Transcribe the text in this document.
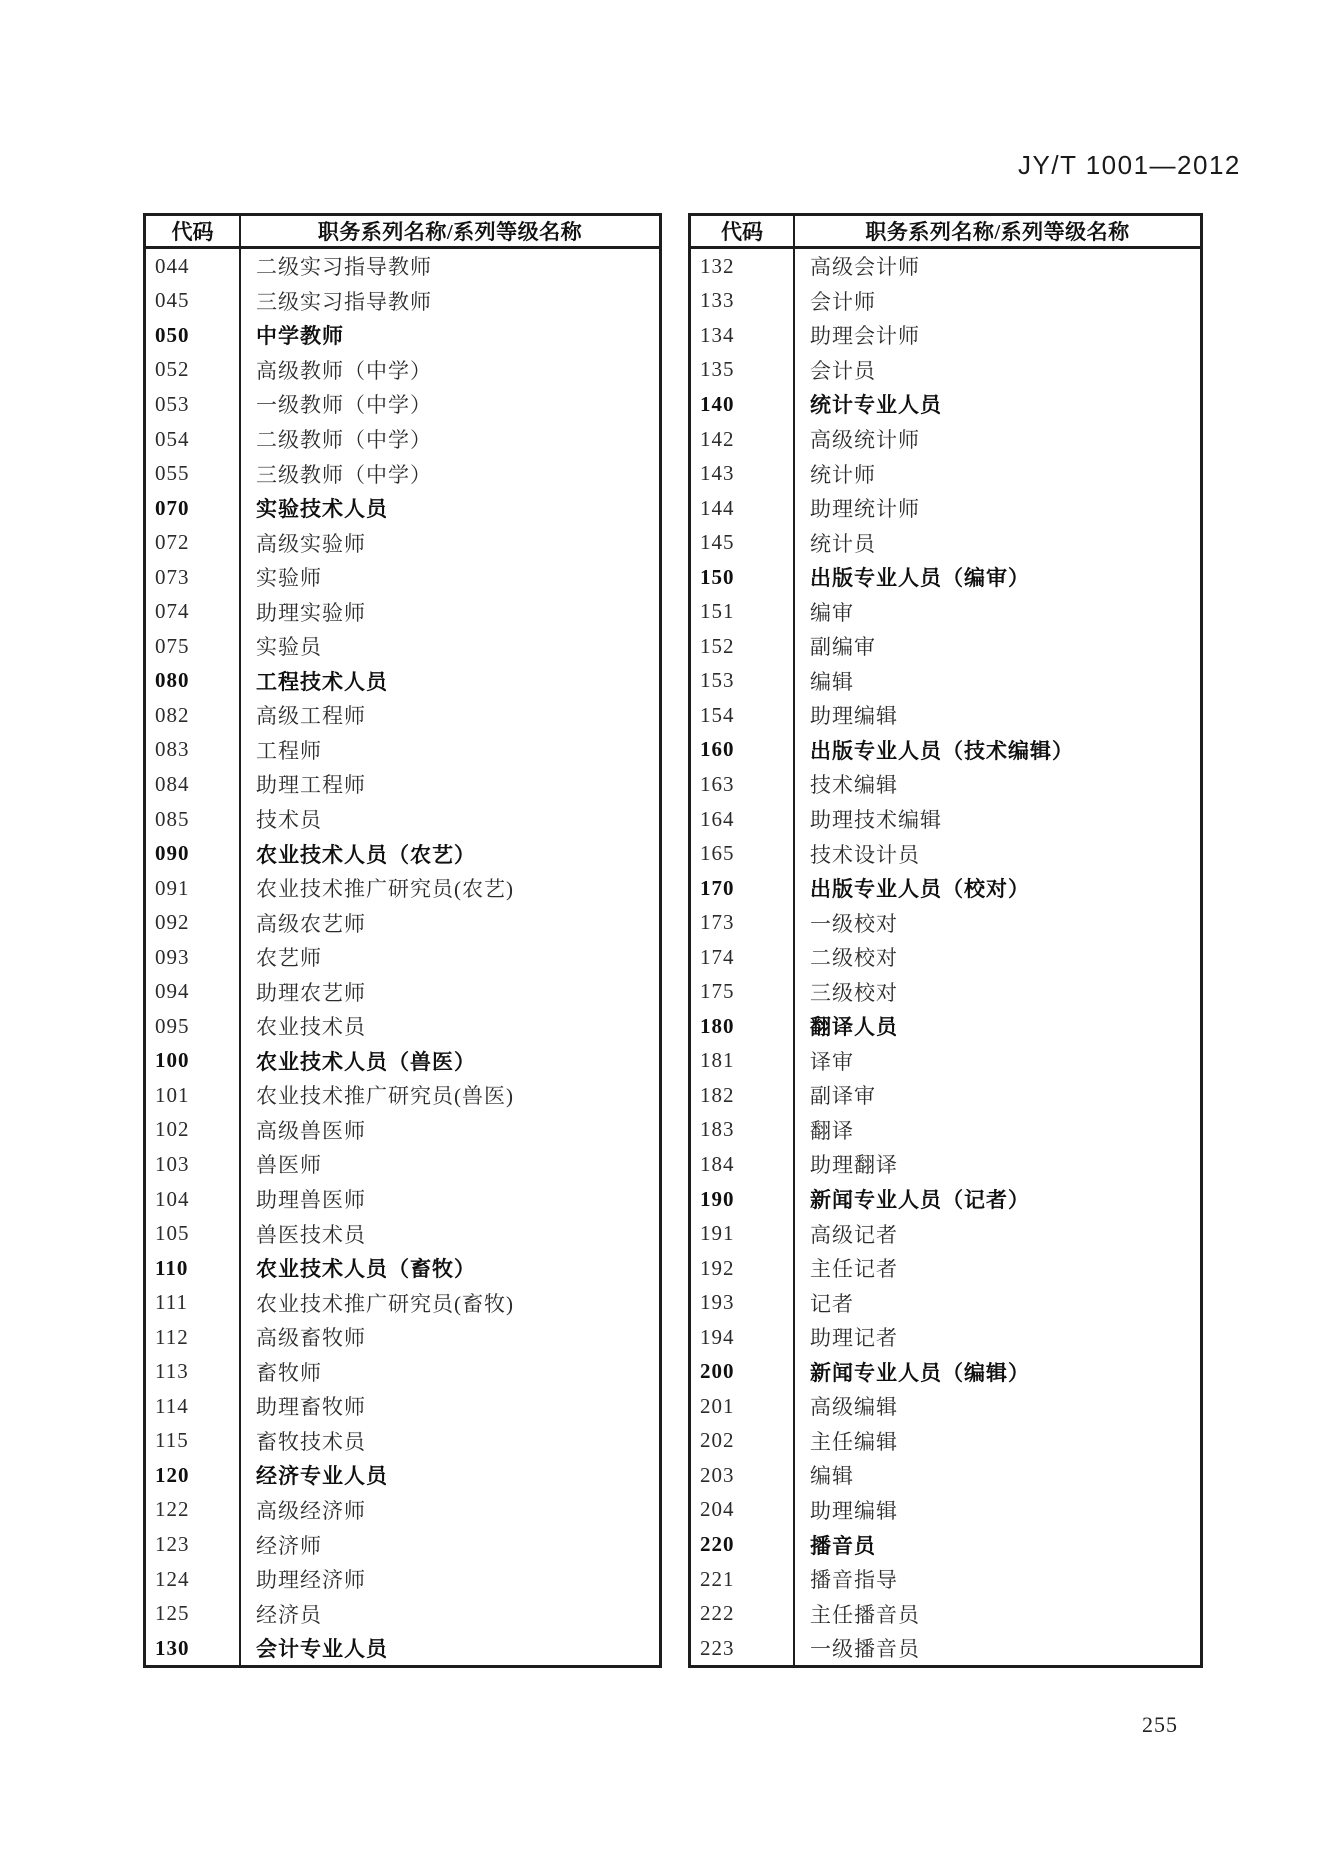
JY/T 1001—2012
代码	职务系列名称/系列等级名称
044	二级实习指导教师
045	三级实习指导教师
050	中学教师
052	高级教师（中学）
053	一级教师（中学）
054	二级教师（中学）
055	三级教师（中学）
070	实验技术人员
072	高级实验师
073	实验师
074	助理实验师
075	实验员
080	工程技术人员
082	高级工程师
083	工程师
084	助理工程师
085	技术员
090	农业技术人员（农艺）
091	农业技术推广研究员(农艺)
092	高级农艺师
093	农艺师
094	助理农艺师
095	农业技术员
100	农业技术人员（兽医）
101	农业技术推广研究员(兽医)
102	高级兽医师
103	兽医师
104	助理兽医师
105	兽医技术员
110	农业技术人员（畜牧）
111	农业技术推广研究员(畜牧)
112	高级畜牧师
113	畜牧师
114	助理畜牧师
115	畜牧技术员
120	经济专业人员
122	高级经济师
123	经济师
124	助理经济师
125	经济员
130	会计专业人员
代码	职务系列名称/系列等级名称
132	高级会计师
133	会计师
134	助理会计师
135	会计员
140	统计专业人员
142	高级统计师
143	统计师
144	助理统计师
145	统计员
150	出版专业人员（编审）
151	编审
152	副编审
153	编辑
154	助理编辑
160	出版专业人员（技术编辑）
163	技术编辑
164	助理技术编辑
165	技术设计员
170	出版专业人员（校对）
173	一级校对
174	二级校对
175	三级校对
180	翻译人员
181	译审
182	副译审
183	翻译
184	助理翻译
190	新闻专业人员（记者）
191	高级记者
192	主任记者
193	记者
194	助理记者
200	新闻专业人员（编辑）
201	高级编辑
202	主任编辑
203	编辑
204	助理编辑
220	播音员
221	播音指导
222	主任播音员
223	一级播音员
255
